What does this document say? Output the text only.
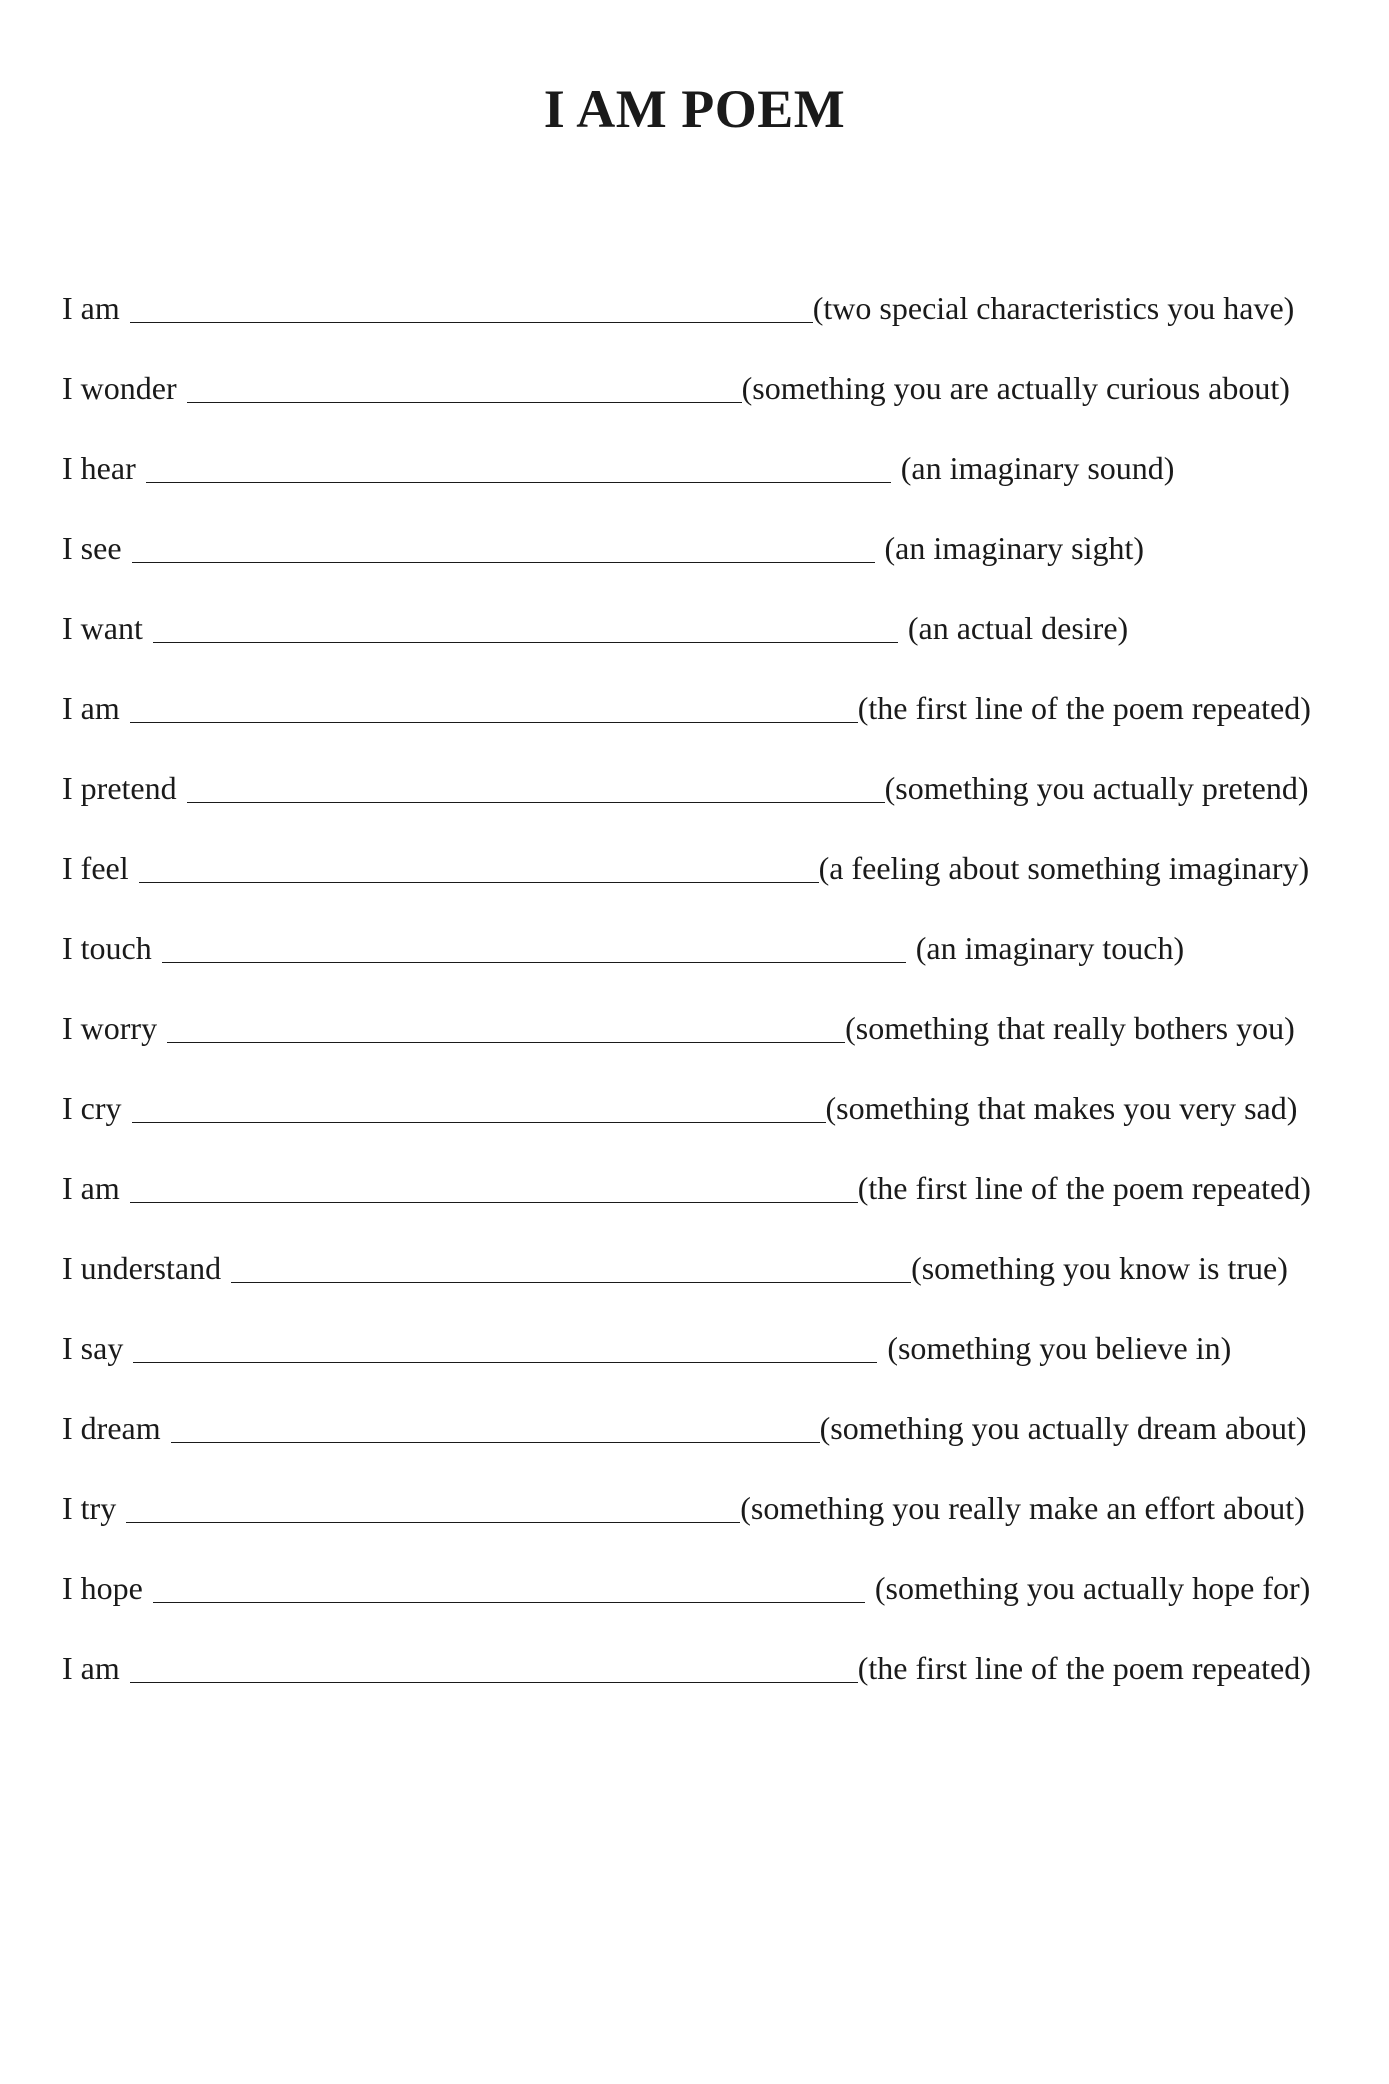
I AM POEM
I am	(two special characteristics you have)
I wonder	(something you are actually curious about)
I hear	(an imaginary sound)
I see	(an imaginary sight)
I want	(an actual desire)
I am	(the first line of the poem repeated)
I pretend	(something you actually pretend)
I feel	(a feeling about something imaginary)
I touch	(an imaginary touch)
I worry	(something that really bothers you)
I cry	(something that makes you very sad)
I am	(the first line of the poem repeated)
I understand	(something you know is true)
I say	(something you believe in)
I dream	(something you actually dream about)
I try	(something you really make an effort about)
I hope	(something you actually hope for)
I am	(the first line of the poem repeated)
